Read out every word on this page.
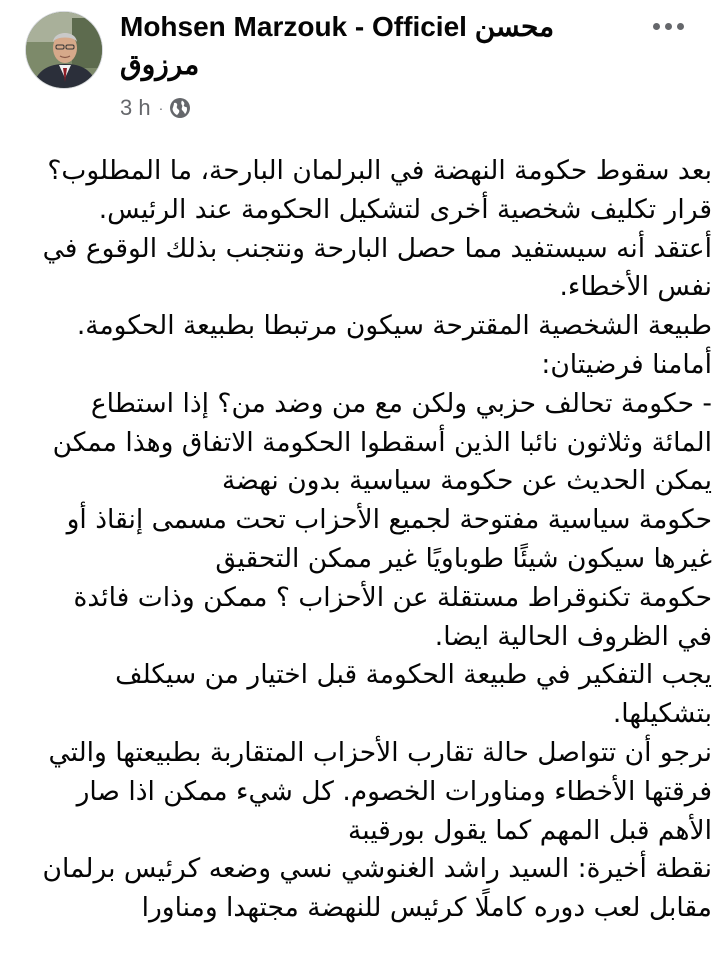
Mohsen Marzouk - Officiel محسن مرزوق
3 h ·

بعد سقوط حكومة النهضة في البرلمان البارحة، ما المطلوب؟

قرار تكليف شخصية أخرى لتشكيل الحكومة عند الرئيس.

أعتقد أنه سيستفيد مما حصل البارحة ونتجنب بذلك الوقوع في نفس الأخطاء.

طبيعة الشخصية المقترحة سيكون مرتبطا بطبيعة الحكومة.

أمامنا فرضيتان:

- حكومة تحالف حزبي ولكن مع من وضد من؟ إذا استطاع المائة وثلاثون نائبا الذين أسقطوا الحكومة الاتفاق وهذا ممكن يمكن الحديث عن حكومة سياسية بدون نهضة

حكومة سياسية مفتوحة لجميع الأحزاب تحت مسمى إنقاذ أو غيرها سيكون شيئًا طوباويًا غير ممكن التحقيق

حكومة تكنوقراط مستقلة عن الأحزاب ؟ ممكن وذات فائدة في الظروف الحالية ايضا.

يجب التفكير في طبيعة الحكومة قبل اختيار من سيكلف بتشكيلها.

نرجو أن تتواصل حالة تقارب الأحزاب المتقاربة بطبيعتها والتي فرقتها الأخطاء ومناورات الخصوم. كل شيء ممكن اذا صار الأهم قبل المهم كما يقول بورقيبة

نقطة أخيرة: السيد راشد الغنوشي نسي وضعه كرئيس برلمان مقابل لعب دوره كاملًا كرئيس للنهضة مجتهدا ومناورا
